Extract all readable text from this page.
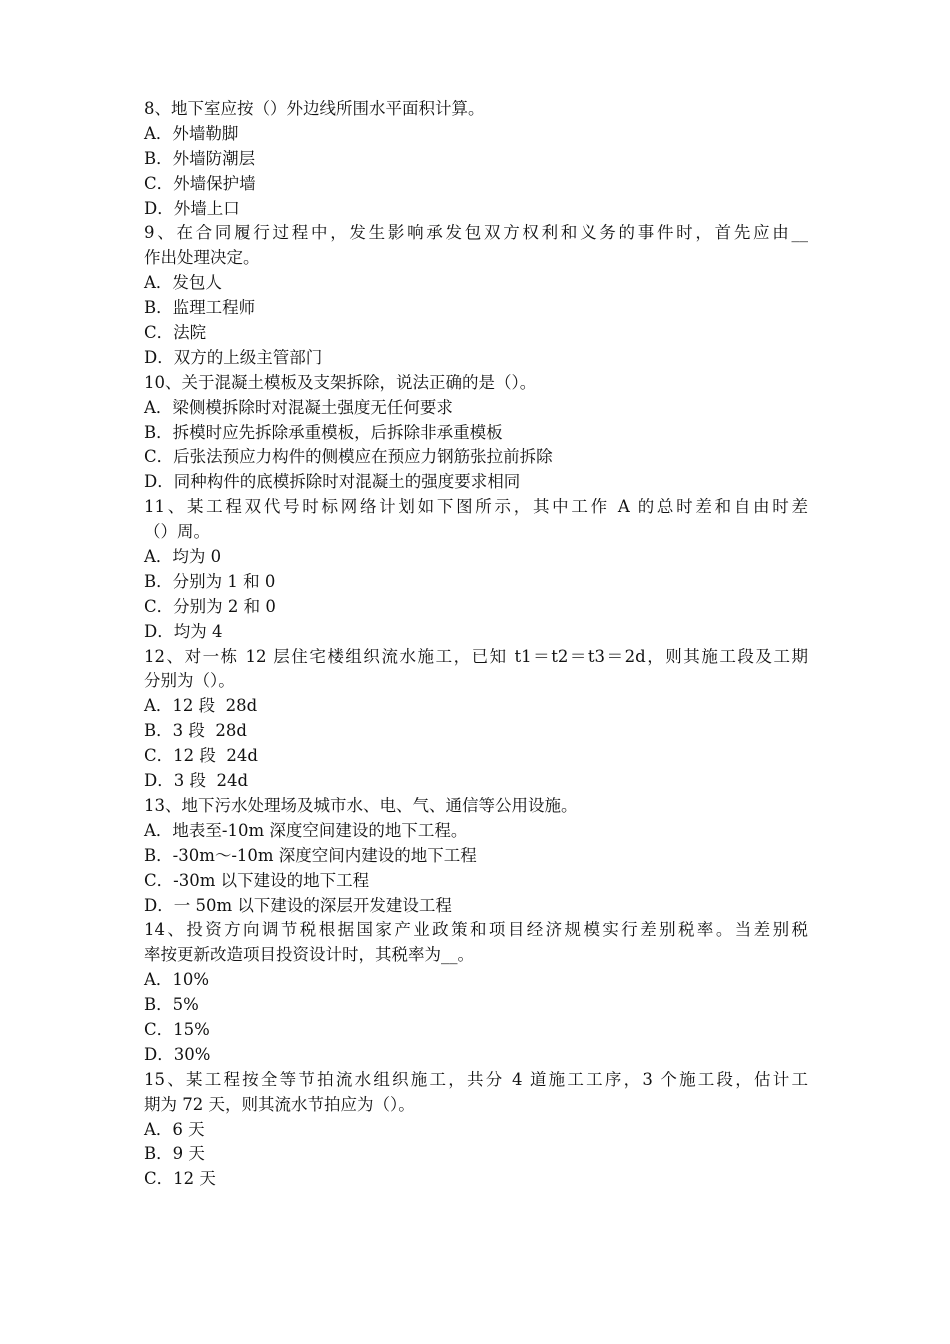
8、地下室应按（）外边线所围水平面积计算。
A．外墙勒脚
B．外墙防潮层
C．外墙保护墙
D．外墙上口
9、在合同履行过程中，发生影响承发包双方权利和义务的事件时，首先应由__
作出处理决定。
A．发包人
B．监理工程师
C．法院
D．双方的上级主管部门
10、关于混凝土模板及支架拆除，说法正确的是（）。
A．梁侧模拆除时对混凝土强度无任何要求
B．拆模时应先拆除承重模板，后拆除非承重模板
C．后张法预应力构件的侧模应在预应力钢筋张拉前拆除
D．同种构件的底模拆除时对混凝土的强度要求相同
11、某工程双代号时标网络计划如下图所示，其中工作 A 的总时差和自由时差
（）周。
A．均为 0
B．分别为 1 和 0
C．分别为 2 和 0
D．均为 4
12、对一栋 12 层住宅楼组织流水施工，已知 t1＝t2＝t3＝2d，则其施工段及工期
分别为（）。
A．12 段  28d
B．3 段  28d
C．12 段  24d
D．3 段  24d
13、地下污水处理场及城市水、电、气、通信等公用设施。
A．地表至-10m 深度空间建设的地下工程。
B．-30m～-10m 深度空间内建设的地下工程
C．-30m 以下建设的地下工程
D．一 50m 以下建设的深层开发建设工程
14、投资方向调节税根据国家产业政策和项目经济规模实行差别税率。当差别税
率按更新改造项目投资设计时，其税率为__。
A．10%
B．5%
C．15%
D．30%
15、某工程按全等节拍流水组织施工，共分 4 道施工工序，3 个施工段，估计工
期为 72 天，则其流水节拍应为（）。
A．6 天
B．9 天
C．12 天
